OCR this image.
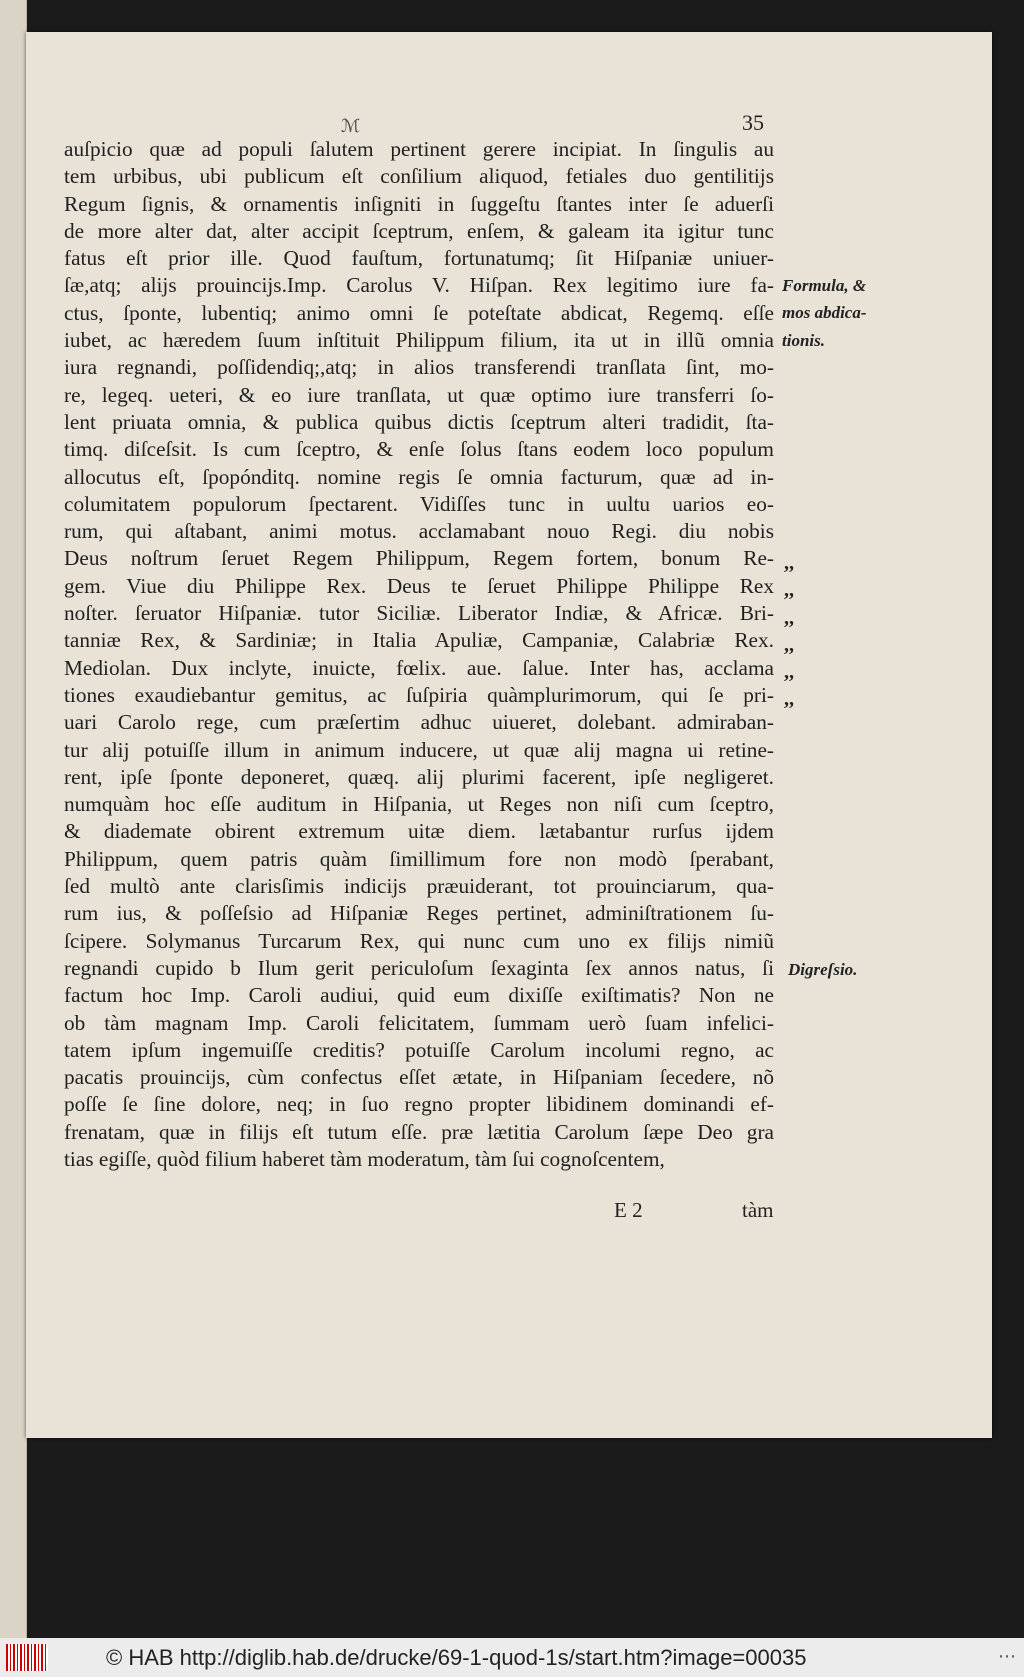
ℳ	35
auſpicio quæ ad populi ſalutem pertinent gerere incipiat. In ſingulis au
tem urbibus, ubi publicum eſt conſilium aliquod, fetiales duo gentilitijs
Regum ſignis, & ornamentis inſigniti in ſuggeſtu ſtantes inter ſe aduerſi
de more alter dat, alter accipit ſceptrum, enſem, & galeam ita igitur tunc
fatus eſt prior ille. Quod fauſtum, fortunatumq; ſit Hiſpaniæ uniuer-
ſæ,atq; alijs prouincijs.Imp. Carolus V. Hiſpan. Rex legitimo iure fa-
ctus, ſponte, lubentiq; animo omni ſe poteſtate abdicat, Regemq. eſſe
iubet, ac hæredem ſuum inſtituit Philippum filium, ita ut in illũ omnia
iura regnandi, poſſidendiq;,atq; in alios transferendi tranſlata ſint, mo-
re, legeq. ueteri, & eo iure tranſlata, ut quæ optimo iure transferri ſo-
lent priuata omnia, & publica quibus dictis ſceptrum alteri tradidit, ſta-
timq. diſceſsit. Is cum ſceptro, & enſe ſolus ſtans eodem loco populum
allocutus eſt, ſpopónditq. nomine regis ſe omnia facturum, quæ ad in-
columitatem populorum ſpectarent. Vidiſſes tunc in uultu uarios eo-
rum, qui aſtabant, animi motus. acclamabant nouo Regi. diu nobis
Deus noſtrum ſeruet Regem Philippum, Regem fortem, bonum Re-
gem. Viue diu Philippe Rex. Deus te ſeruet Philippe Philippe Rex
noſter. ſeruator Hiſpaniæ. tutor Siciliæ. Liberator Indiæ, & Africæ. Bri-
tanniæ Rex, & Sardiniæ; in Italia Apuliæ, Campaniæ, Calabriæ Rex.
Mediolan. Dux inclyte, inuicte, fœlix. aue. ſalue. Inter has, acclama
tiones exaudiebantur gemitus, ac ſuſpiria quàmplurimorum, qui ſe pri-
uari Carolo rege, cum præſertim adhuc uiueret, dolebant. admiraban-
tur alij potuiſſe illum in animum inducere, ut quæ alij magna ui retine-
rent, ipſe ſponte deponeret, quæq. alij plurimi facerent, ipſe negligeret.
numquàm hoc eſſe auditum in Hiſpania, ut Reges non niſi cum ſceptro,
& diademate obirent extremum uitæ diem. lætabantur rurſus ijdem
Philippum, quem patris quàm ſimillimum fore non modò ſperabant,
ſed multò ante clarisſimis indicijs præuiderant, tot prouinciarum, qua-
rum ius, & poſſeſsio ad Hiſpaniæ Reges pertinet, adminiſtrationem ſu-
ſcipere. Solymanus Turcarum Rex, qui nunc cum uno ex filijs nimiũ
regnandi cupido b Ilum gerit periculoſum ſexaginta ſex annos natus, ſi
factum hoc Imp. Caroli audiui, quid eum dixiſſe exiſtimatis? Non ne
ob tàm magnam Imp. Caroli felicitatem, ſummam uerò ſuam infelici-
tatem ipſum ingemuiſſe creditis? potuiſſe Carolum incolumi regno, ac
pacatis prouincijs, cùm confectus eſſet ætate, in Hiſpaniam ſecedere, nõ
poſſe ſe ſine dolore, neq; in ſuo regno propter libidinem dominandi ef-
frenatam, quæ in filijs eſt tutum eſſe. præ lætitia Carolum ſæpe Deo gra
tias egiſſe, quòd filium haberet tàm moderatum, tàm ſui cognoſcentem,
Formula, &
mos abdica-
tionis.
,,
,,
,,
,,
,,
,,
Digreſsio.
E 2	tàm
© HAB http://diglib.hab.de/drucke/69-1-quod-1s/start.htm?image=00035	⋯
